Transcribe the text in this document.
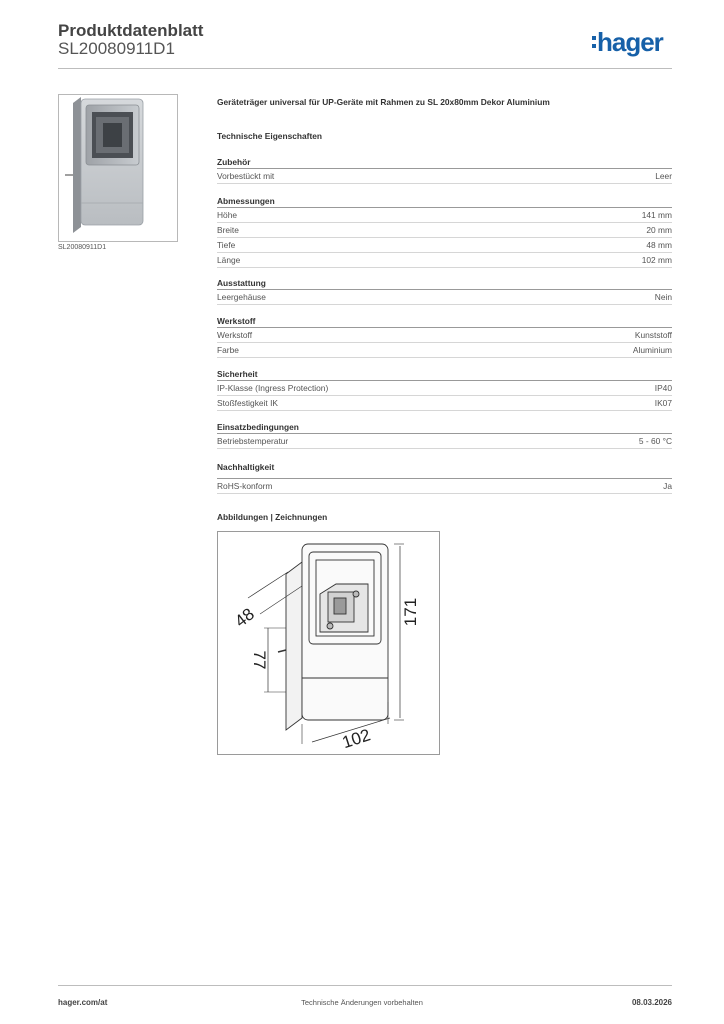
Produktdatenblatt
SL20080911D1	hager
SL20080911D1
Geräteträger universal für UP-Geräte mit Rahmen zu SL 20x80mm Dekor Aluminium
Technische Eigenschaften
Zubehör
Vorbestückt mit	Leer
Abmessungen
Höhe	141 mm
Breite	20 mm
Tiefe	48 mm
Länge	102 mm
Ausstattung
Leergehäuse	Nein
Werkstoff
Werkstoff	Kunststoff
Farbe	Aluminium
Sicherheit
IP-Klasse (Ingress Protection)	IP40
Stoßfestigkeit IK	IK07
Einsatzbedingungen
Betriebstemperatur	5 - 60 °C
Nachhaltigkeit
RoHS-konform	Ja
Abbildungen | Zeichnungen
171
77
48
102
hager.com/at	Technische Änderungen vorbehalten	08.03.2026
